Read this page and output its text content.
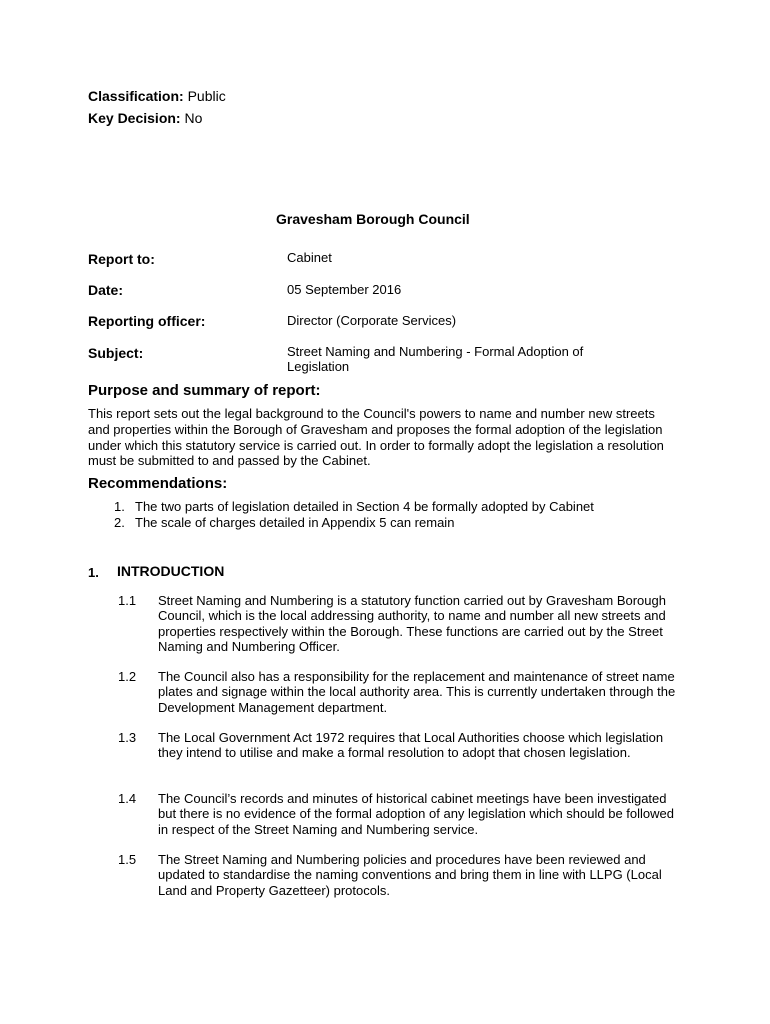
Classification: Public
Key Decision: No
Gravesham Borough Council
Report to:	Cabinet
Date:	05 September 2016
Reporting officer:	Director (Corporate Services)
Subject:	Street Naming and Numbering - Formal Adoption of Legislation
Purpose and summary of report:
This report sets out the legal background to the Council's powers to name and number new streets and properties within the Borough of Gravesham and proposes the formal adoption of the legislation under which this statutory service is carried out. In order to formally adopt the legislation a resolution must be submitted to and passed by the Cabinet.
Recommendations:
1. The two parts of legislation detailed in Section 4 be formally adopted by Cabinet
2. The scale of charges detailed in Appendix 5 can remain
1. INTRODUCTION
1.1 Street Naming and Numbering is a statutory function carried out by Gravesham Borough Council, which is the local addressing authority, to name and number all new streets and properties respectively within the Borough. These functions are carried out by the Street Naming and Numbering Officer.
1.2 The Council also has a responsibility for the replacement and maintenance of street name plates and signage within the local authority area. This is currently undertaken through the Development Management department.
1.3 The Local Government Act 1972 requires that Local Authorities choose which legislation they intend to utilise and make a formal resolution to adopt that chosen legislation.
1.4 The Council’s records and minutes of historical cabinet meetings have been investigated but there is no evidence of the formal adoption of any legislation which should be followed in respect of the Street Naming and Numbering service.
1.5 The Street Naming and Numbering policies and procedures have been reviewed and updated to standardise the naming conventions and bring them in line with LLPG (Local Land and Property Gazetteer) protocols.
